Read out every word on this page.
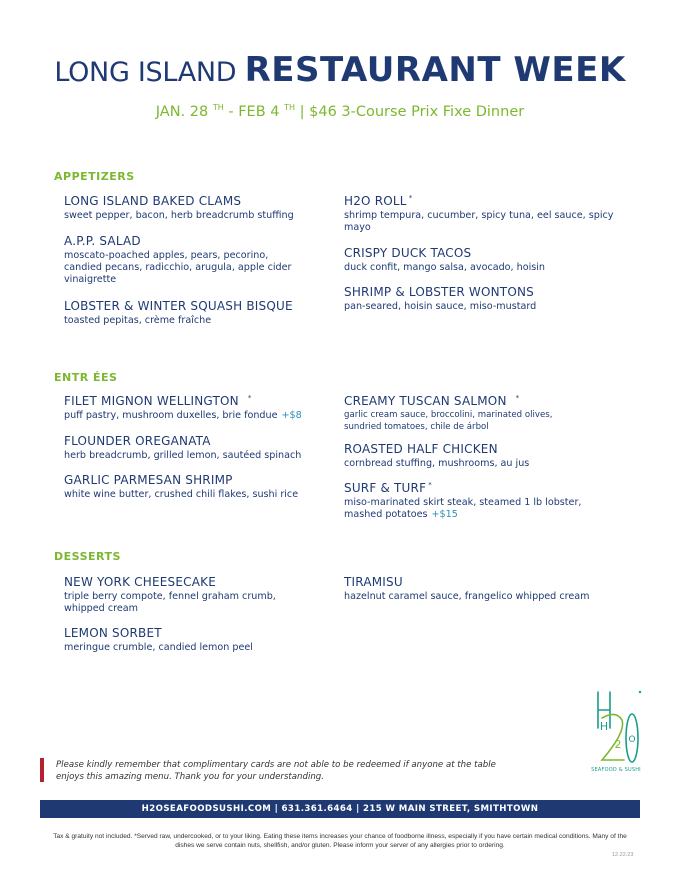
LONG ISLAND RESTAURANT WEEK
JAN. 28 $^{TH}$ - FEB 4 $^{TH}$ | $46 3-Course Prix Fixe Dinner
APPETIZERS
LONG ISLAND BAKED CLAMS
sweet pepper, bacon, herb breadcrumb stuffing
A.P.P. SALAD
moscato-poached apples, pears, pecorino, candied pecans, radicchio, arugula, apple cider vinaigrette
LOBSTER & WINTER SQUASH BISQUE
toasted pepitas, crème fraîche
H2O ROLL *
shrimp tempura, cucumber, spicy tuna, eel sauce, spicy mayo
CRISPY DUCK TACOS
duck confit, mango salsa, avocado, hoisin
SHRIMP & LOBSTER WONTONS
pan-seared, hoisin sauce, miso-mustard
ENTR ÉES
FILET MIGNON WELLINGTON *
puff pastry, mushroom duxelles, brie fondue +$8
FLOUNDER OREGANATA
herb breadcrumb, grilled lemon, sautéed spinach
GARLIC PARMESAN SHRIMP
white wine butter, crushed chili flakes, sushi rice
CREAMY TUSCAN SALMON *
garlic cream sauce, broccolini, marinated olives, sundried tomatoes, chile de árbol
ROASTED HALF CHICKEN
cornbread stuffing, mushrooms, au jus
SURF & TURF *
miso-marinated skirt steak, steamed 1 lb lobster, mashed potatoes +$15
DESSERTS
NEW YORK CHEESECAKE
triple berry compote, fennel graham crumb, whipped cream
LEMON SORBET
meringue crumble, candied lemon peel
TIRAMISU
hazelnut caramel sauce, frangelico whipped cream
H
2 O
SEAFOOD & SUSHI
Please kindly remember that complimentary cards are not able to be redeemed if anyone at the table enjoys this amazing menu. Thank you for your understanding.
H2OSEAFOODSUSHI.COM | 631.361.6464 | 215 W MAIN STREET, SMITHTOWN
Tax & gratuity not included. *Served raw, undercooked, or to your liking. Eating these items increases your chance of foodborne illness, especially if you have certain medical conditions. Many of the dishes we serve contain nuts, shellfish, and/or gluten. Please inform your server of any allergies prior to ordering.
12.22.23
